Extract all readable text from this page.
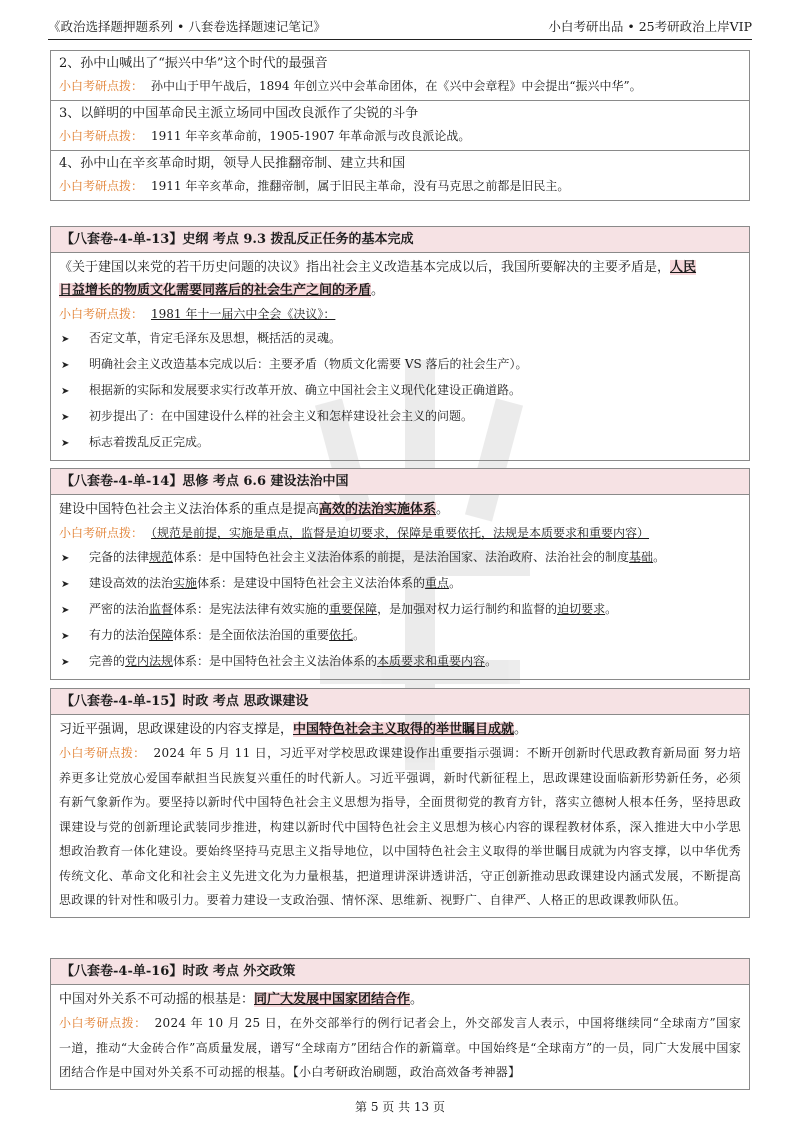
《政治选择题押题系列 • 八套卷选择题速记笔记》	小白考研出品 • 25考研政治上岸VIP
2、孙中山喊出了“振兴中华”这个时代的最强音
小白考研点拨： 孙中山于甲午战后，1894 年创立兴中会革命团体，在《兴中会章程》中会提出“振兴中华”。
3、以鲜明的中国革命民主派立场同中国改良派作了尖锐的斗争
小白考研点拨： 1911 年辛亥革命前，1905-1907 年革命派与改良派论战。
4、孙中山在辛亥革命时期，领导人民推翻帝制、建立共和国
小白考研点拨： 1911 年辛亥革命，推翻帝制，属于旧民主革命，没有马克思之前都是旧民主。
【八套卷-4-单-13】史纲 考点 9.3 拨乱反正任务的基本完成
《关于建国以来党的若干历史问题的决议》指出社会主义改造基本完成以后，我国所要解决的主要矛盾是，人民
日益增长的物质文化需要同落后的社会生产之间的矛盾。
小白考研点拨： 1981 年十一届六中全会《决议》：
➤ 否定文革，肯定毛泽东及思想，概括活的灵魂。
➤ 明确社会主义改造基本完成以后：主要矛盾（物质文化需要 VS 落后的社会生产）。
➤ 根据新的实际和发展要求实行改革开放、确立中国社会主义现代化建设正确道路。
➤ 初步提出了：在中国建设什么样的社会主义和怎样建设社会主义的问题。
➤ 标志着拨乱反正完成。
【八套卷-4-单-14】思修 考点 6.6 建设法治中国
建设中国特色社会主义法治体系的重点是提高高效的法治实施体系。
小白考研点拨： （规范是前提，实施是重点，监督是迫切要求，保障是重要依托，法规是本质要求和重要内容）
➤ 完备的法律规范体系：是中国特色社会主义法治体系的前提，是法治国家、法治政府、法治社会的制度基础。
➤ 建设高效的法治实施体系：是建设中国特色社会主义法治体系的重点。
➤ 严密的法治监督体系：是宪法法律有效实施的重要保障，是加强对权力运行制约和监督的迫切要求。
➤ 有力的法治保障体系：是全面依法治国的重要依托。
➤ 完善的党内法规体系：是中国特色社会主义法治体系的本质要求和重要内容。
【八套卷-4-单-15】时政 考点 思政课建设
习近平强调，思政课建设的内容支撑是，中国特色社会主义取得的举世瞩目成就。
小白考研点拨： 2024 年 5 月 11 日，习近平对学校思政课建设作出重要指示强调：不断开创新时代思政教育新局面 努力培养更多让党放心爱国奉献担当民族复兴重任的时代新人。习近平强调，新时代新征程上，思政课建设面临新形势新任务，必须有新气象新作为。要坚持以新时代中国特色社会主义思想为指导，全面贯彻党的教育方针，落实立德树人根本任务，坚持思政课建设与党的创新理论武装同步推进，构建以新时代中国特色社会主义思想为核心内容的课程教材体系，深入推进大中小学思想政治教育一体化建设。要始终坚持马克思主义指导地位，以中国特色社会主义取得的举世瞩目成就为内容支撑，以中华优秀传统文化、革命文化和社会主义先进文化为力量根基，把道理讲深讲透讲活，守正创新推动思政课建设内涵式发展，不断提高思政课的针对性和吸引力。要着力建设一支政治强、情怀深、思维新、视野广、自律严、人格正的思政课教师队伍。
【八套卷-4-单-16】时政 考点 外交政策
中国对外关系不可动摇的根基是：同广大发展中国家团结合作。
小白考研点拨： 2024 年 10 月 25 日，在外交部举行的例行记者会上，外交部发言人表示，中国将继续同“全球南方”国家一道，推动“大金砖合作”高质量发展，谱写“全球南方”团结合作的新篇章。中国始终是“全球南方”的一员，同广大发展中国家团结合作是中国对外关系不可动摇的根基。【小白考研政治刷题，政治高效备考神器】
第 5 页 共 13 页
